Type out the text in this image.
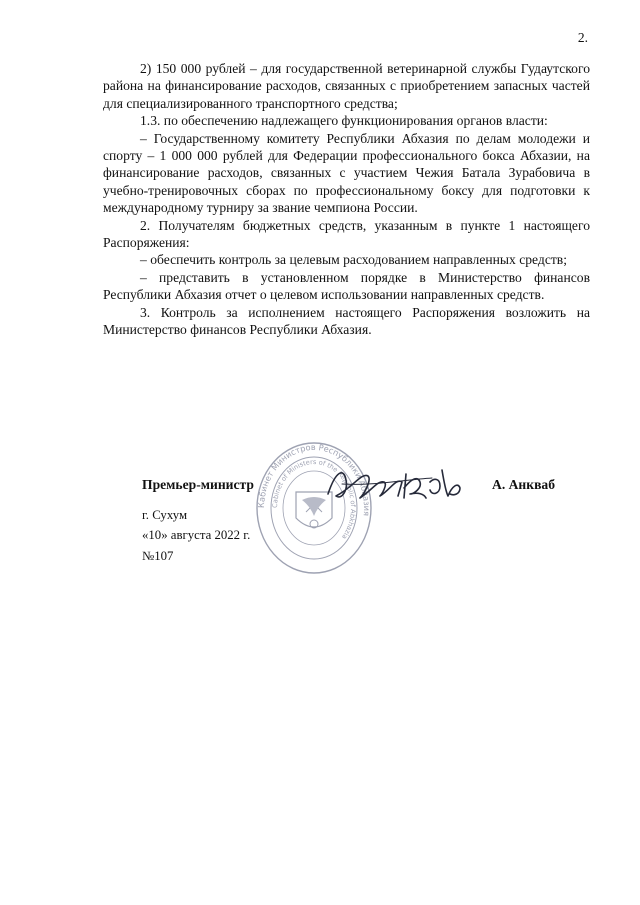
2.

2) 150 000 рублей – для государственной ветеринарной службы Гудаутского района на финансирование расходов, связанных с приобретением запасных частей для специализированного транспортного средства;

1.3. по обеспечению надлежащего функционирования органов власти:

– Государственному комитету Республики Абхазия по делам молодежи и спорту – 1 000 000 рублей для Федерации профессионального бокса Абхазии, на финансирование расходов, связанных с участием Чежия Батала Зурабовича в учебно-тренировочных сборах по профессиональному боксу для подготовки к международному турниру за звание чемпиона России.

2. Получателям бюджетных средств, указанным в пункте 1 настоящего Распоряжения:

– обеспечить контроль за целевым расходованием направленных средств;

– представить в установленном порядке в Министерство финансов Республики Абхазия отчет о целевом использовании направленных средств.

3. Контроль за исполнением настоящего Распоряжения возложить на Министерство финансов Республики Абхазия.

Кабинет Министров Республики Абхазия
Cabinet of Ministers of the Republic of Abkhazia
Премьер-министр	А. Анкваб
г. Сухум
«10» августа 2022 г.
№107
